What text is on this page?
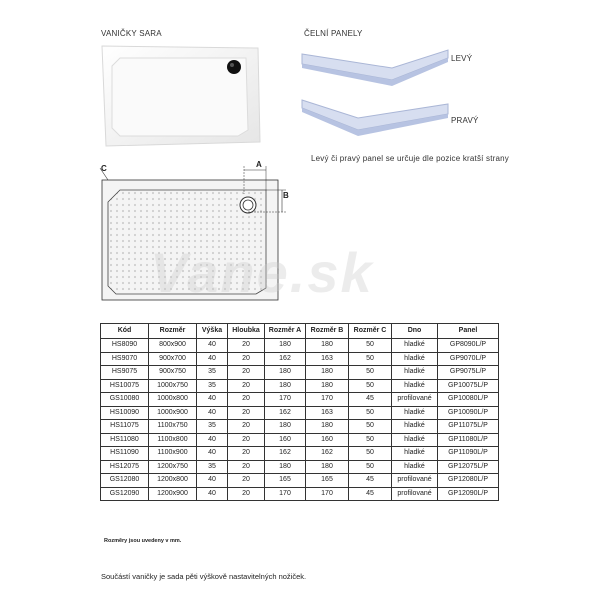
VANIČKY SARA	ČELNÍ PANELY
LEVÝ
PRAVÝ
Levý či pravý panel se určuje dle pozice kratší strany
C	A
B
Vane.sk
Kód	Rozměr	Výška	Hloubka	Rozměr A	Rozměr B	Rozměr C	Dno	Panel
HS8090	800x900	40	20	180	180	50	hladké	GP8090L/P
HS9070	900x700	40	20	162	163	50	hladké	GP9070L/P
HS9075	900x750	35	20	180	180	50	hladké	GP9075L/P
HS10075	1000x750	35	20	180	180	50	hladké	GP10075L/P
GS10080	1000x800	40	20	170	170	45	profilované	GP10080L/P
HS10090	1000x900	40	20	162	163	50	hladké	GP10090L/P
HS11075	1100x750	35	20	180	180	50	hladké	GP11075L/P
HS11080	1100x800	40	20	160	160	50	hladké	GP11080L/P
HS11090	1100x900	40	20	162	162	50	hladké	GP11090L/P
HS12075	1200x750	35	20	180	180	50	hladké	GP12075L/P
GS12080	1200x800	40	20	165	165	45	profilované	GP12080L/P
GS12090	1200x900	40	20	170	170	45	profilované	GP12090L/P
Rozměry jsou uvedeny v mm.
Součástí vaničky je sada pěti výškově nastavitelných nožiček.
